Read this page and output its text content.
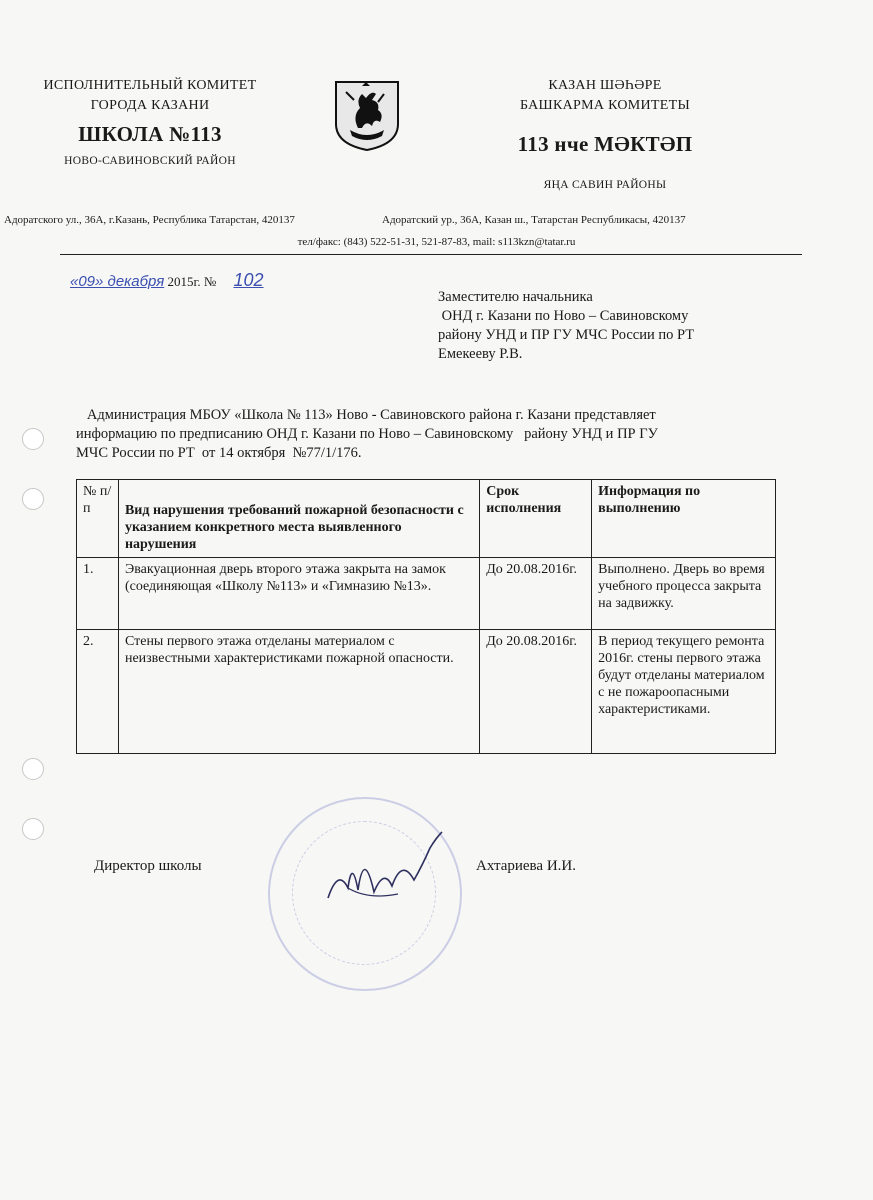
ИСПОЛНИТЕЛЬНЫЙ КОМИТЕТ
ГОРОДА КАЗАНИ
ШКОЛА №113
НОВО-САВИНОВСКИЙ РАЙОН
КАЗАН ШӘҺӘРЕ
БАШКАРМА КОМИТЕТЫ
113 нче МӘКТӘП
ЯҢА САВИН РАЙОНЫ
Адоратского ул., 36А, г.Казань, Республика Татарстан, 420137	Адоратский ур., 36А, Казан ш., Татарстан Республикасы, 420137
тел/факс: (843) 522-51-31, 521-87-83, mail: s113kzn@tatar.ru
«09» декабря 2015г. № 102
Заместителю начальника
ОНД г. Казани по Ново – Савиновскому
району УНД и ПР ГУ МЧС России по РТ
Емекееву Р.В.
Администрация МБОУ «Школа № 113» Ново - Савиновского района г. Казани представляет
информацию по предписанию ОНД г. Казани по Ново – Савиновскому   району УНД и ПР ГУ
МЧС России по РТ  от 14 октября  №77/1/176.
№ п/п	Вид нарушения требований пожарной безопасности с указанием конкретного места выявленного нарушения	Срок исполнения	Информация по выполнению
1.	Эвакуационная дверь второго этажа закрыта на замок (соединяющая «Школу №113» и «Гимназию №13».	До 20.08.2016г.	Выполнено. Дверь во время учебного процесса закрыта на задвижку.
2.	Стены первого этажа отделаны материалом с неизвестными характеристиками пожарной опасности.	До 20.08.2016г.	В период текущего ремонта 2016г. стены первого этажа будут отделаны материалом с не пожароопасными характеристиками.
Директор школы	Ахтариева И.И.
